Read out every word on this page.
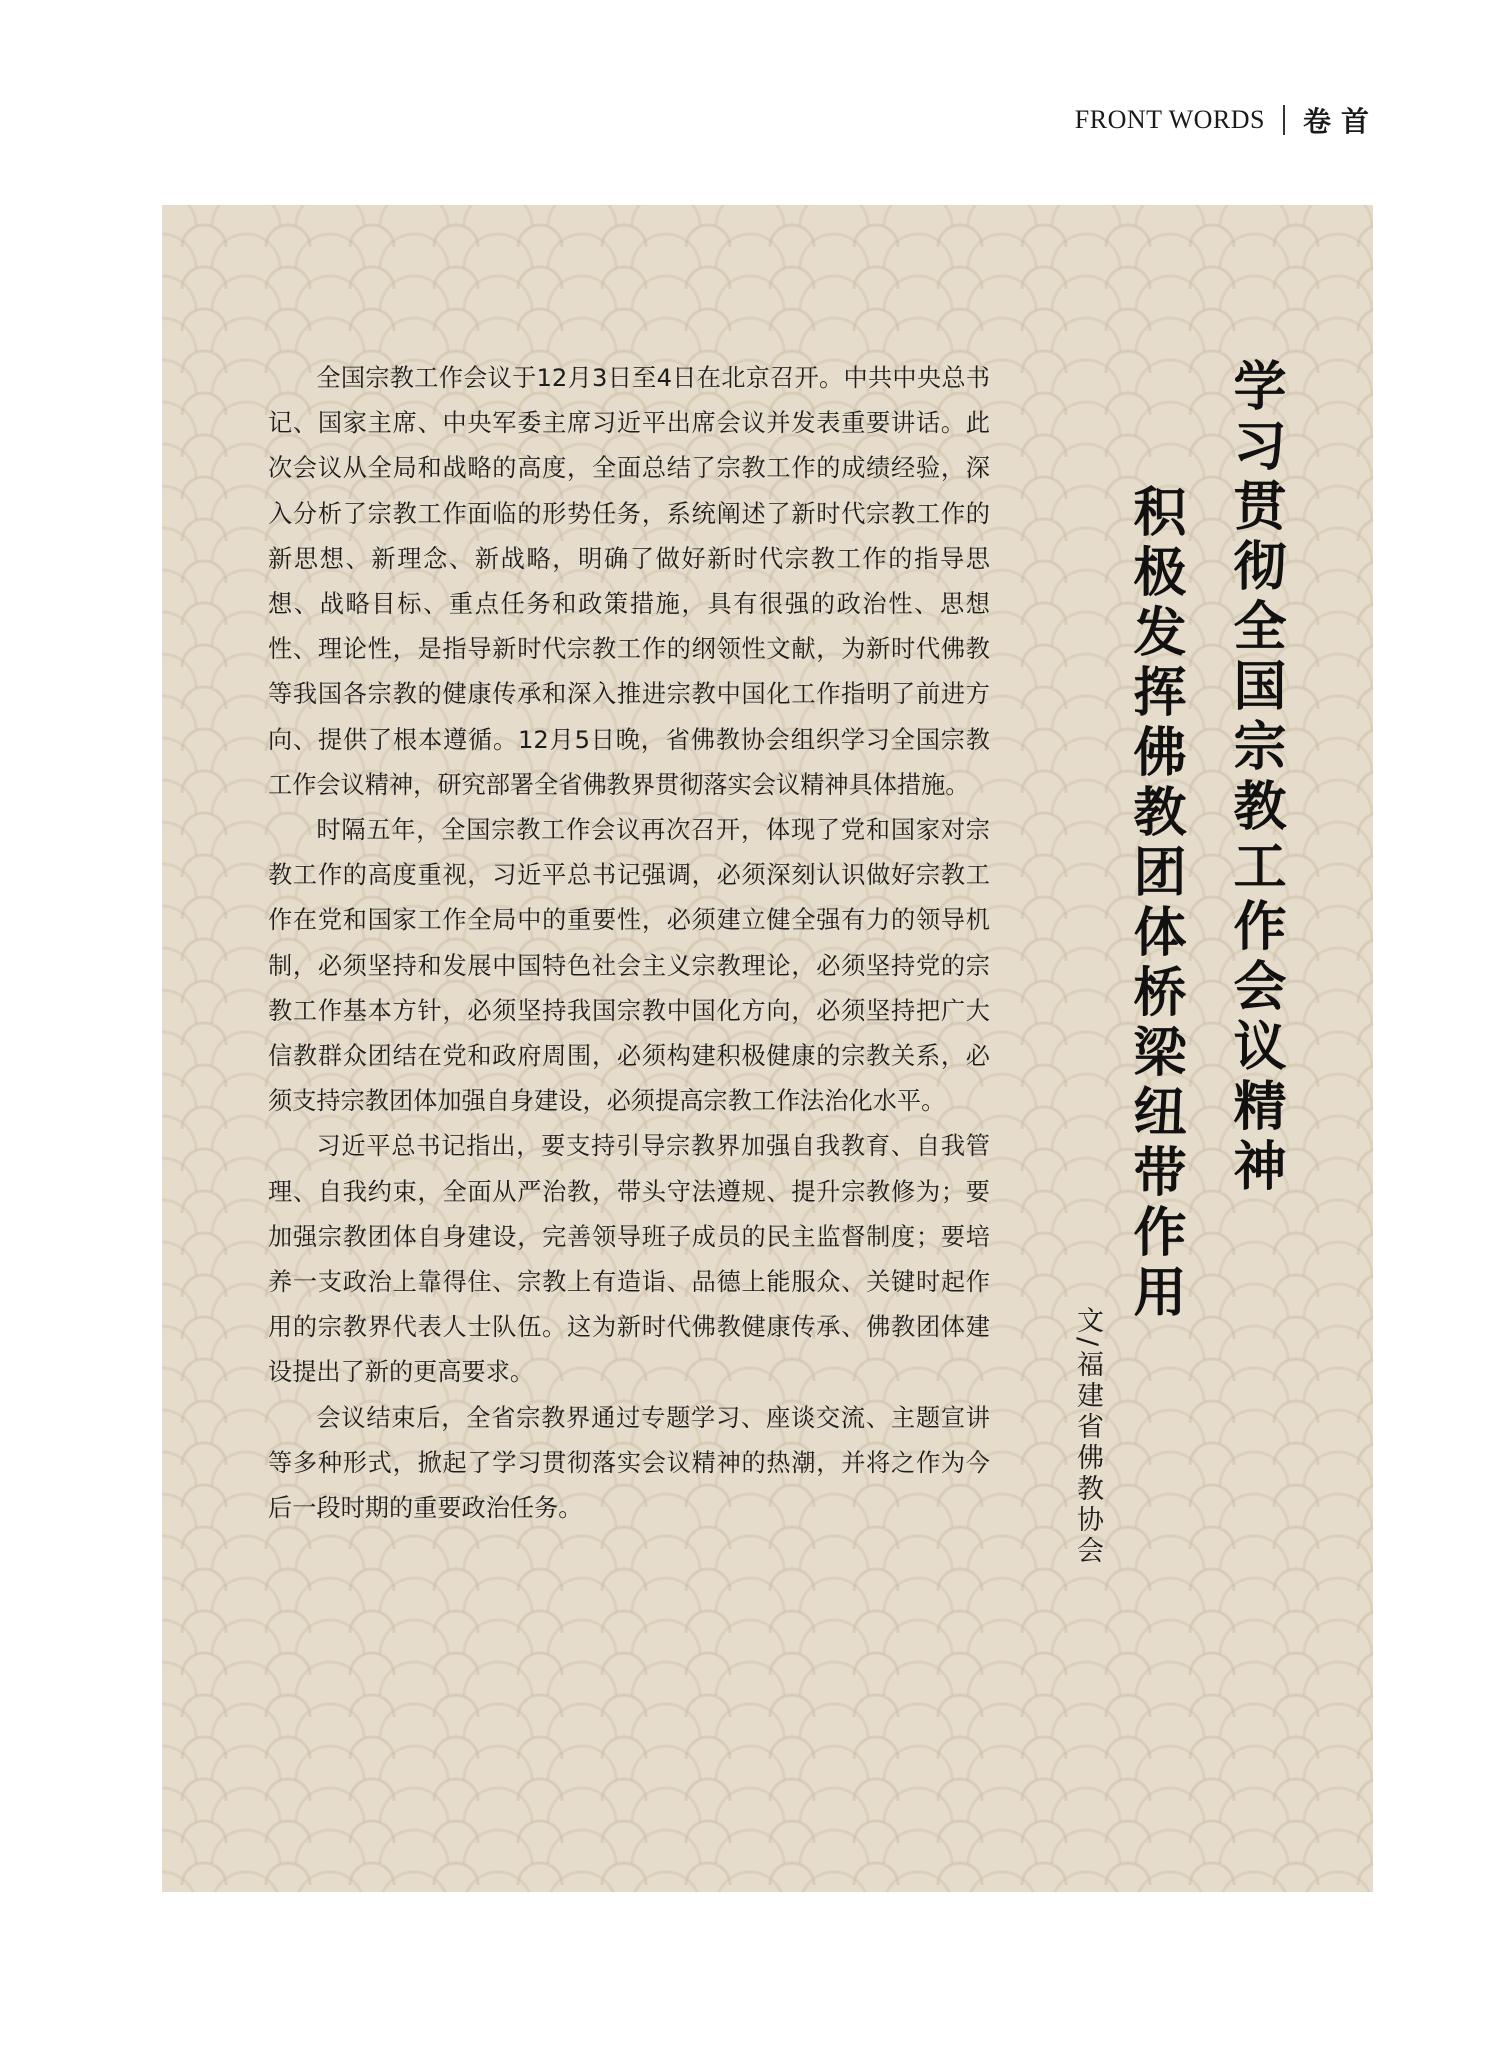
FRONT WORDS 卷首

全国宗教工作会议于12月3日至4日在北京召开。中共中央总书记、国家主席、中央军委主席习近平出席会议并发表重要讲话。此次会议从全局和战略的高度，全面总结了宗教工作的成绩经验，深入分析了宗教工作面临的形势任务，系统阐述了新时代宗教工作的新思想、新理念、新战略，明确了做好新时代宗教工作的指导思想、战略目标、重点任务和政策措施，具有很强的政治性、思想性、理论性，是指导新时代宗教工作的纲领性文献，为新时代佛教等我国各宗教的健康传承和深入推进宗教中国化工作指明了前进方向、提供了根本遵循。12月5日晚，省佛教协会组织学习全国宗教工作会议精神，研究部署全省佛教界贯彻落实会议精神具体措施。

时隔五年，全国宗教工作会议再次召开，体现了党和国家对宗教工作的高度重视，习近平总书记强调，必须深刻认识做好宗教工作在党和国家工作全局中的重要性，必须建立健全强有力的领导机制，必须坚持和发展中国特色社会主义宗教理论，必须坚持党的宗教工作基本方针，必须坚持我国宗教中国化方向，必须坚持把广大信教群众团结在党和政府周围，必须构建积极健康的宗教关系，必须支持宗教团体加强自身建设，必须提高宗教工作法治化水平。

习近平总书记指出，要支持引导宗教界加强自我教育、自我管理、自我约束，全面从严治教，带头守法遵规、提升宗教修为；要加强宗教团体自身建设，完善领导班子成员的民主监督制度；要培养一支政治上靠得住、宗教上有造诣、品德上能服众、关键时起作用的宗教界代表人士队伍。这为新时代佛教健康传承、佛教团体建设提出了新的更高要求。

会议结束后，全省宗教界通过专题学习、座谈交流、主题宣讲等多种形式，掀起了学习贯彻落实会议精神的热潮，并将之作为今后一段时期的重要政治任务。

学习贯彻全国宗教工作会议精神
积极发挥佛教团体桥梁纽带作用
文/福建省佛教协会
